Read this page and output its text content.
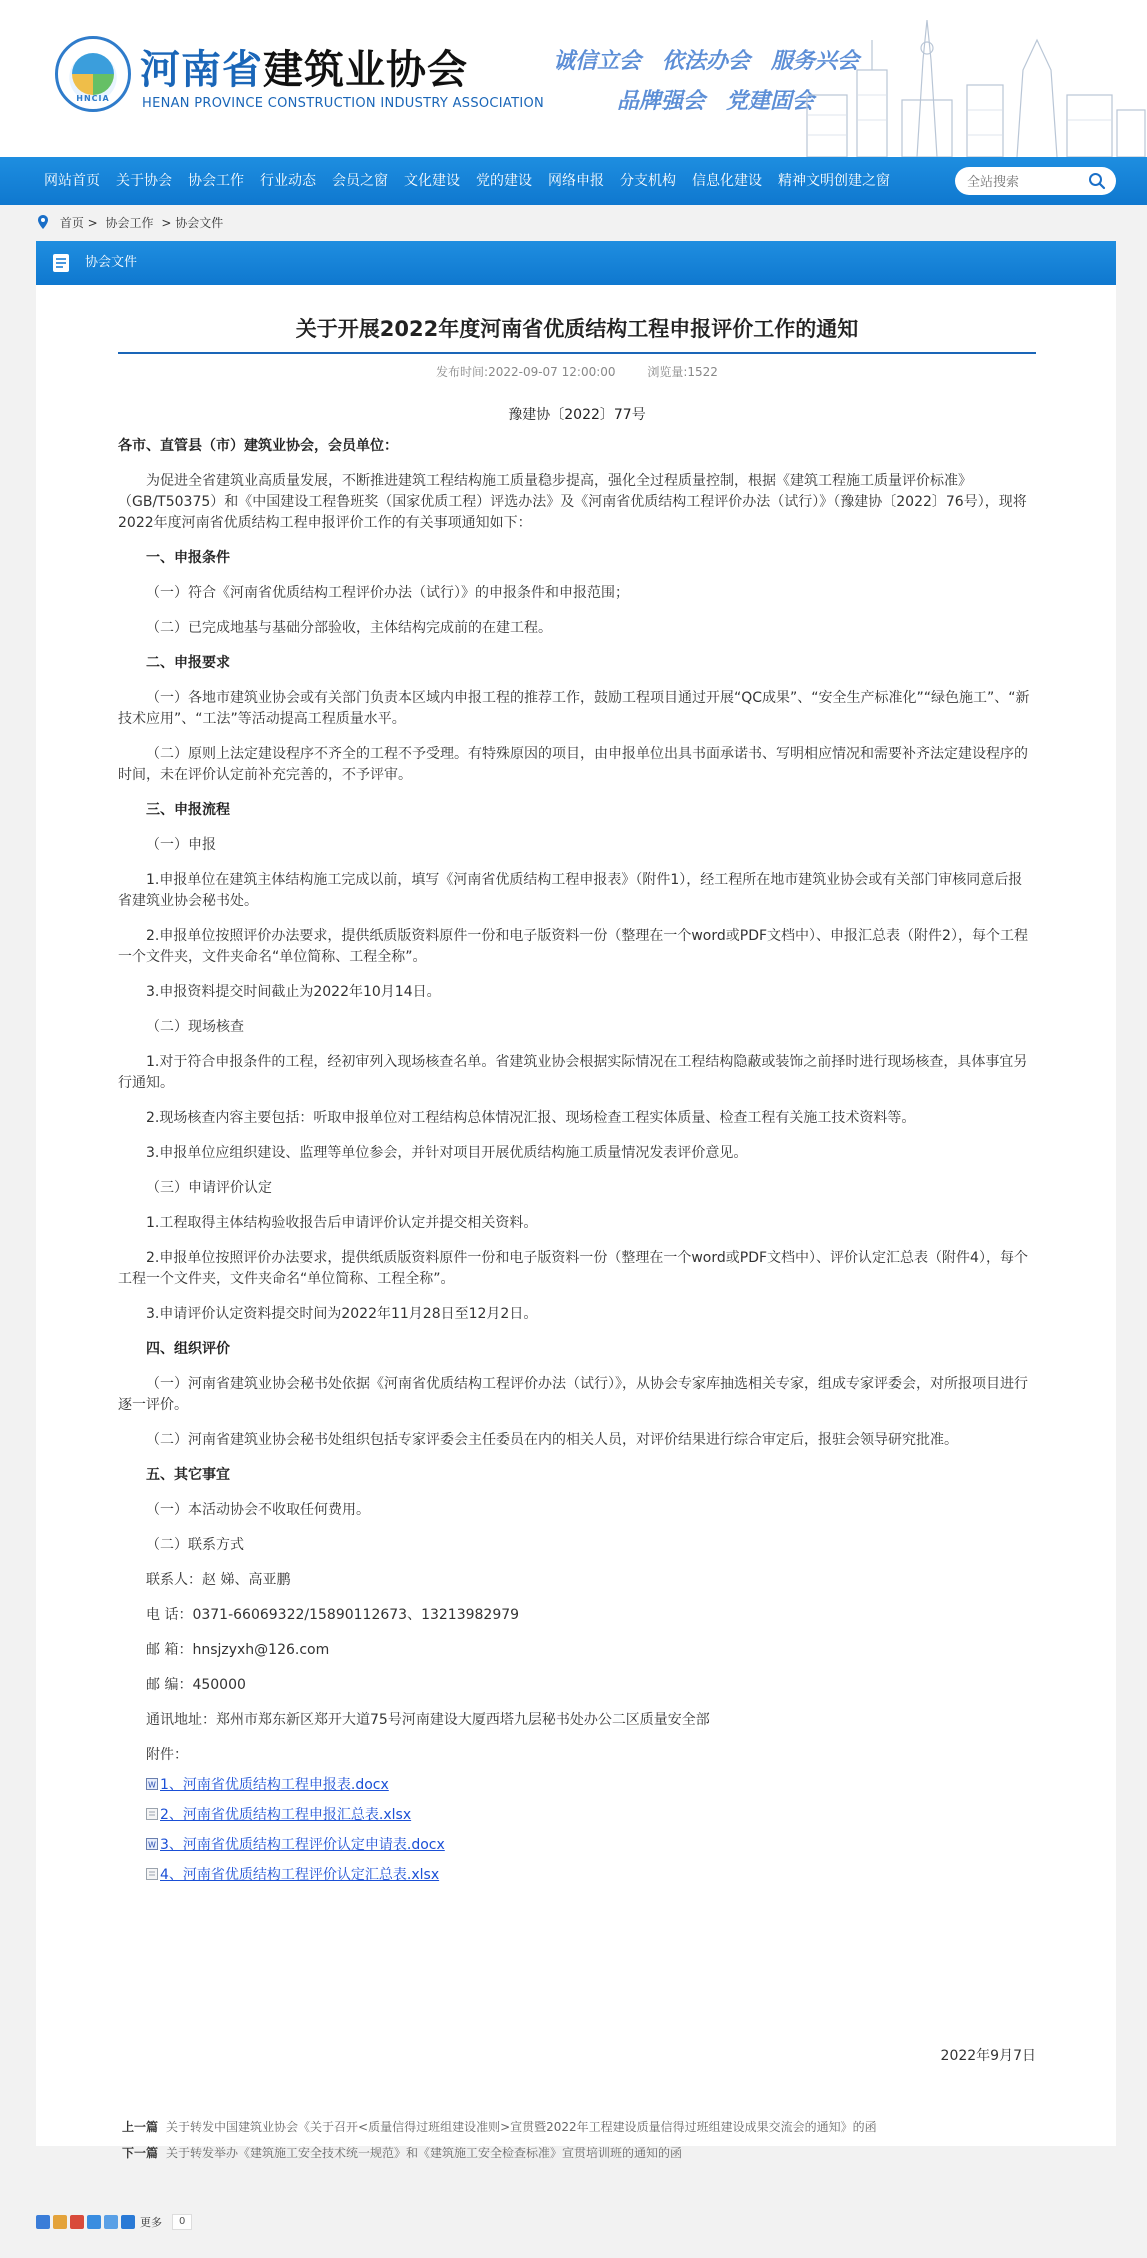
HNCIA
河南省建筑业协会
HENAN PROVINCE CONSTRUCTION INDUSTRY ASSOCIATION
诚信立会 依法办会 服务兴会
品牌强会 党建固会
网站首页	关于协会	协会工作	行业动态	会员之窗	文化建设	党的建设	网络申报	分支机构	信息化建设	精神文明创建之窗
全站搜索
首页 > 协会工作 > 协会文件
协会文件
关于开展2022年度河南省优质结构工程申报评价工作的通知
发布时间:2022-09-07 12:00:00	浏览量:1522
豫建协〔2022〕77号

各市、直管县（市）建筑业协会，会员单位：

为促进全省建筑业高质量发展，不断推进建筑工程结构施工质量稳步提高，强化全过程质量控制，根据《建筑工程施工质量评价标准》（GB/T50375）和《中国建设工程鲁班奖（国家优质工程）评选办法》及《河南省优质结构工程评价办法（试行）》（豫建协〔2022〕76号），现将2022年度河南省优质结构工程申报评价工作的有关事项通知如下：

一、申报条件

（一）符合《河南省优质结构工程评价办法（试行）》的申报条件和申报范围；

（二）已完成地基与基础分部验收，主体结构完成前的在建工程。

二、申报要求

（一）各地市建筑业协会或有关部门负责本区域内申报工程的推荐工作，鼓励工程项目通过开展“QC成果”、“安全生产标准化”“绿色施工”、“新技术应用”、“工法”等活动提高工程质量水平。

（二）原则上法定建设程序不齐全的工程不予受理。有特殊原因的项目，由申报单位出具书面承诺书、写明相应情况和需要补齐法定建设程序的时间，未在评价认定前补充完善的，不予评审。

三、申报流程

（一）申报

1.申报单位在建筑主体结构施工完成以前，填写《河南省优质结构工程申报表》（附件1），经工程所在地市建筑业协会或有关部门审核同意后报省建筑业协会秘书处。

2.申报单位按照评价办法要求，提供纸质版资料原件一份和电子版资料一份（整理在一个word或PDF文档中）、申报汇总表（附件2），每个工程一个文件夹，文件夹命名“单位简称、工程全称”。

3.申报资料提交时间截止为2022年10月14日。

（二）现场核查

1.对于符合申报条件的工程，经初审列入现场核查名单。省建筑业协会根据实际情况在工程结构隐蔽或装饰之前择时进行现场核查，具体事宜另行通知。

2.现场核查内容主要包括：听取申报单位对工程结构总体情况汇报、现场检查工程实体质量、检查工程有关施工技术资料等。

3.申报单位应组织建设、监理等单位参会，并针对项目开展优质结构施工质量情况发表评价意见。

（三）申请评价认定

1.工程取得主体结构验收报告后申请评价认定并提交相关资料。

2.申报单位按照评价办法要求，提供纸质版资料原件一份和电子版资料一份（整理在一个word或PDF文档中）、评价认定汇总表（附件4），每个工程一个文件夹，文件夹命名“单位简称、工程全称”。

3.申请评价认定资料提交时间为2022年11月28日至12月2日。

四、组织评价

（一）河南省建筑业协会秘书处依据《河南省优质结构工程评价办法（试行）》，从协会专家库抽选相关专家，组成专家评委会，对所报项目进行逐一评价。

（二）河南省建筑业协会秘书处组织包括专家评委会主任委员在内的相关人员，对评价结果进行综合审定后，报驻会领导研究批准。

五、其它事宜

（一）本活动协会不收取任何费用。

（二）联系方式

联系人：赵 娣、高亚鹏

电 话：0371-66069322/15890112673、13213982979

邮 箱：hnsjzyxh@126.com

邮 编：450000

通讯地址：郑州市郑东新区郑开大道75号河南建设大厦西塔九层秘书处办公二区质量安全部

附件：

W 1、河南省优质结构工程申报表.docx
2、河南省优质结构工程申报汇总表.xlsx
W 3、河南省优质结构工程评价认定申请表.docx
4、河南省优质结构工程评价认定汇总表.xlsx
2022年9月7日
上一篇 关于转发中国建筑业协会《关于召开<质量信得过班组建设准则>宣贯暨2022年工程建设质量信得过班组建设成果交流会的通知》的函
下一篇 关于转发举办《建筑施工安全技术统一规范》和《建筑施工安全检查标准》宣贯培训班的通知的函
更多	0
